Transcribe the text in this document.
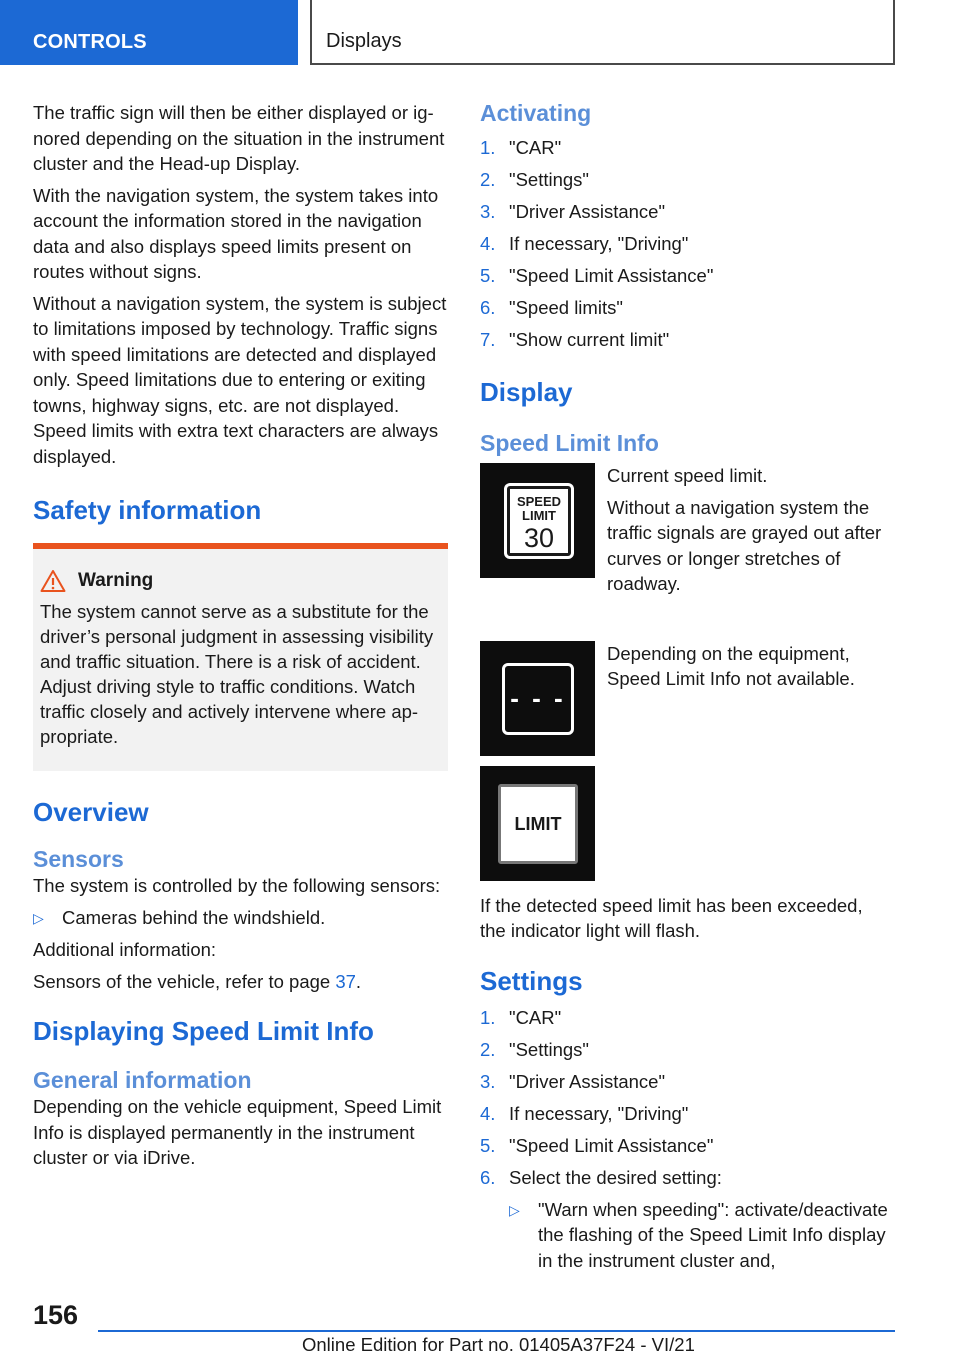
CONTROLS	Displays

The traffic sign will then be either displayed or ignored depending on the situation in the instrument cluster and the Head-up Display.

With the navigation system, the system takes into account the information stored in the navigation data and also displays speed limits present on routes without signs.

Without a navigation system, the system is subject to limitations imposed by technology. Traffic signs with speed limitations are detected and displayed only. Speed limitations due to entering or exiting towns, highway signs, etc. are not displayed. Speed limits with extra text characters are always displayed.

Safety information
Warning

The system cannot serve as a substitute for the driver’s personal judgment in assessing visibility and traffic situation. There is a risk of accident. Adjust driving style to traffic conditions. Watch traffic closely and actively intervene where appropriate.

Overview
Sensors

The system is controlled by the following sensors:

▷ Cameras behind the windshield.

Additional information:

Sensors of the vehicle, refer to page 37.

Displaying Speed Limit Info
General information

Depending on the vehicle equipment, Speed Limit Info is displayed permanently in the instrument cluster or via iDrive.

Activating
1. "CAR"
2. "Settings"
3. "Driver Assistance"
4. If necessary, "Driving"
5. "Speed Limit Assistance"
6. "Speed limits"
7. "Show current limit"
Display
Speed Limit Info
SPEED LIMIT
30

Current speed limit.

Without a navigation system the traffic signals are grayed out after curves or longer stretches of roadway.

- - -

Depending on the equipment, Speed Limit Info not available.

LIMIT

If the detected speed limit has been exceeded, the indicator light will flash.

Settings
1. "CAR"
2. "Settings"
3. "Driver Assistance"
4. If necessary, "Driving"
5. "Speed Limit Assistance"
6. Select the desired setting:
▷ "Warn when speeding": activate/deactivate the flashing of the Speed Limit Info display in the instrument cluster and,
156
Online Edition for Part no. 01405A37F24 - VI/21
